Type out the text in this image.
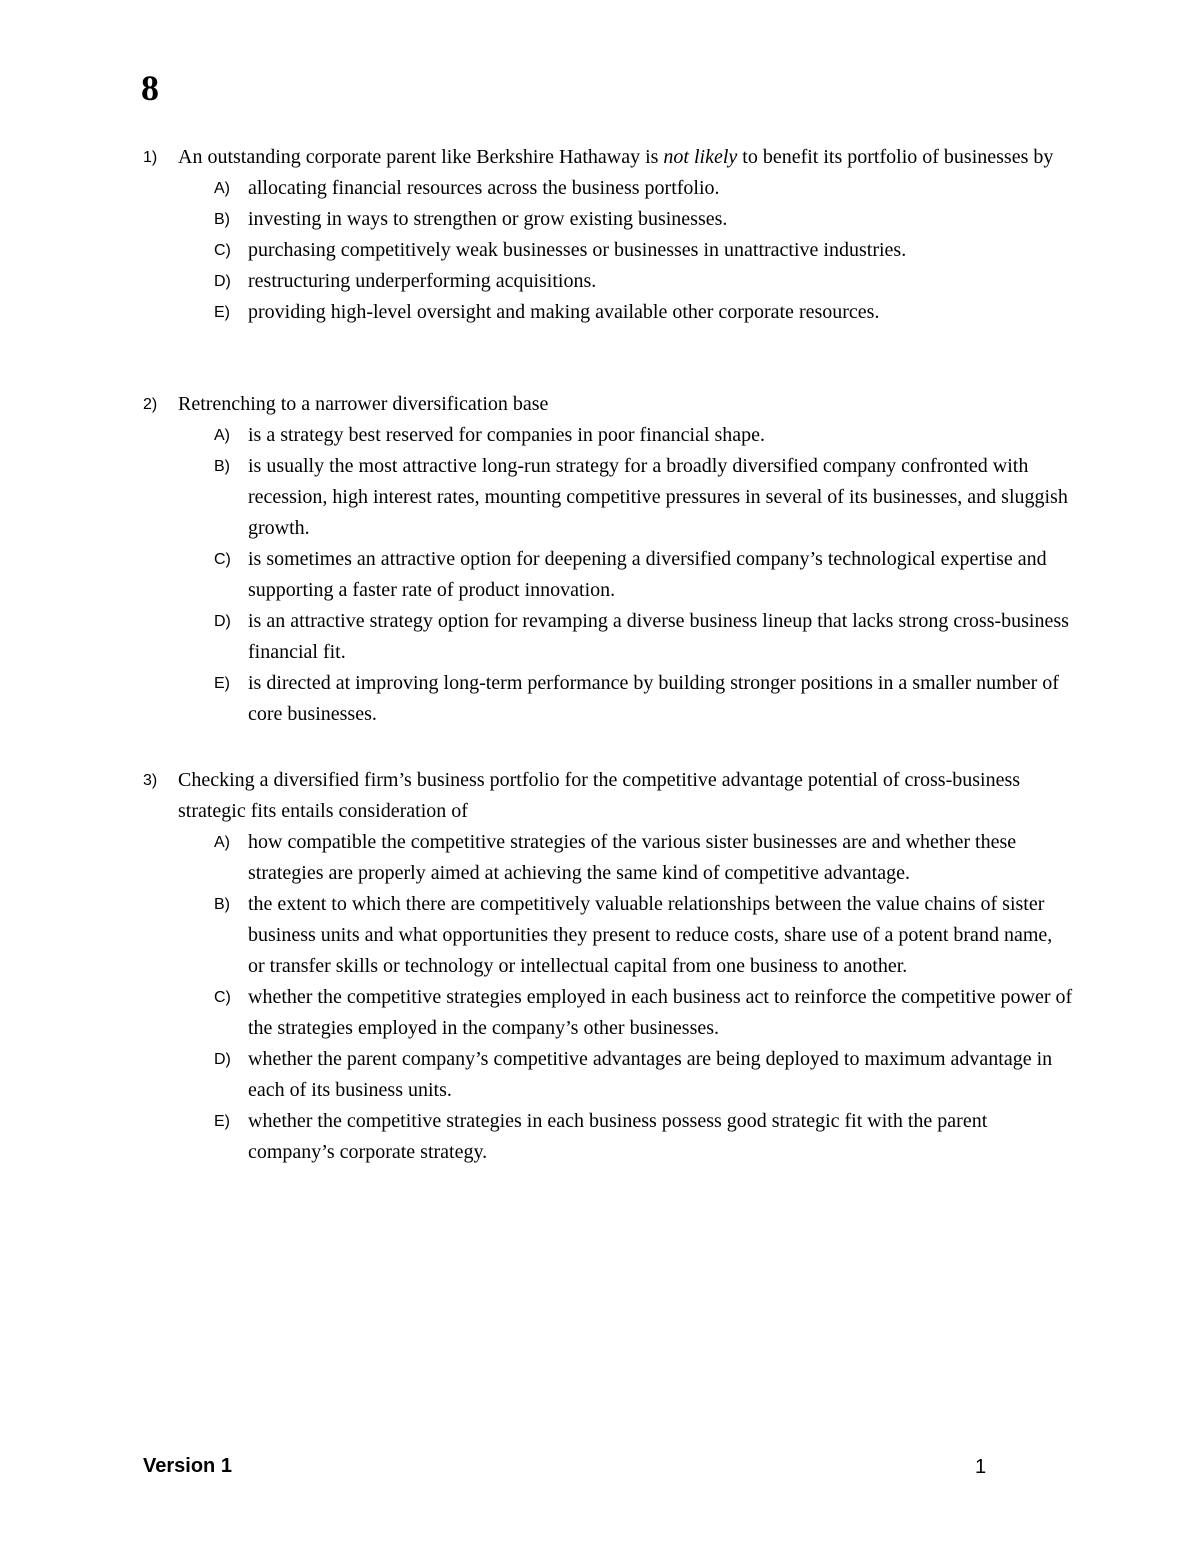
8
1) An outstanding corporate parent like Berkshire Hathaway is not likely to benefit its portfolio of businesses by
A) allocating financial resources across the business portfolio.
B) investing in ways to strengthen or grow existing businesses.
C) purchasing competitively weak businesses or businesses in unattractive industries.
D) restructuring underperforming acquisitions.
E) providing high-level oversight and making available other corporate resources.
2) Retrenching to a narrower diversification base
A) is a strategy best reserved for companies in poor financial shape.
B) is usually the most attractive long-run strategy for a broadly diversified company confronted with recession, high interest rates, mounting competitive pressures in several of its businesses, and sluggish growth.
C) is sometimes an attractive option for deepening a diversified company’s technological expertise and supporting a faster rate of product innovation.
D) is an attractive strategy option for revamping a diverse business lineup that lacks strong cross-business financial fit.
E) is directed at improving long-term performance by building stronger positions in a smaller number of core businesses.
3) Checking a diversified firm’s business portfolio for the competitive advantage potential of cross-business strategic fits entails consideration of
A) how compatible the competitive strategies of the various sister businesses are and whether these strategies are properly aimed at achieving the same kind of competitive advantage.
B) the extent to which there are competitively valuable relationships between the value chains of sister business units and what opportunities they present to reduce costs, share use of a potent brand name, or transfer skills or technology or intellectual capital from one business to another.
C) whether the competitive strategies employed in each business act to reinforce the competitive power of the strategies employed in the company’s other businesses.
D) whether the parent company’s competitive advantages are being deployed to maximum advantage in each of its business units.
E) whether the competitive strategies in each business possess good strategic fit with the parent company’s corporate strategy.
Version 1	1
